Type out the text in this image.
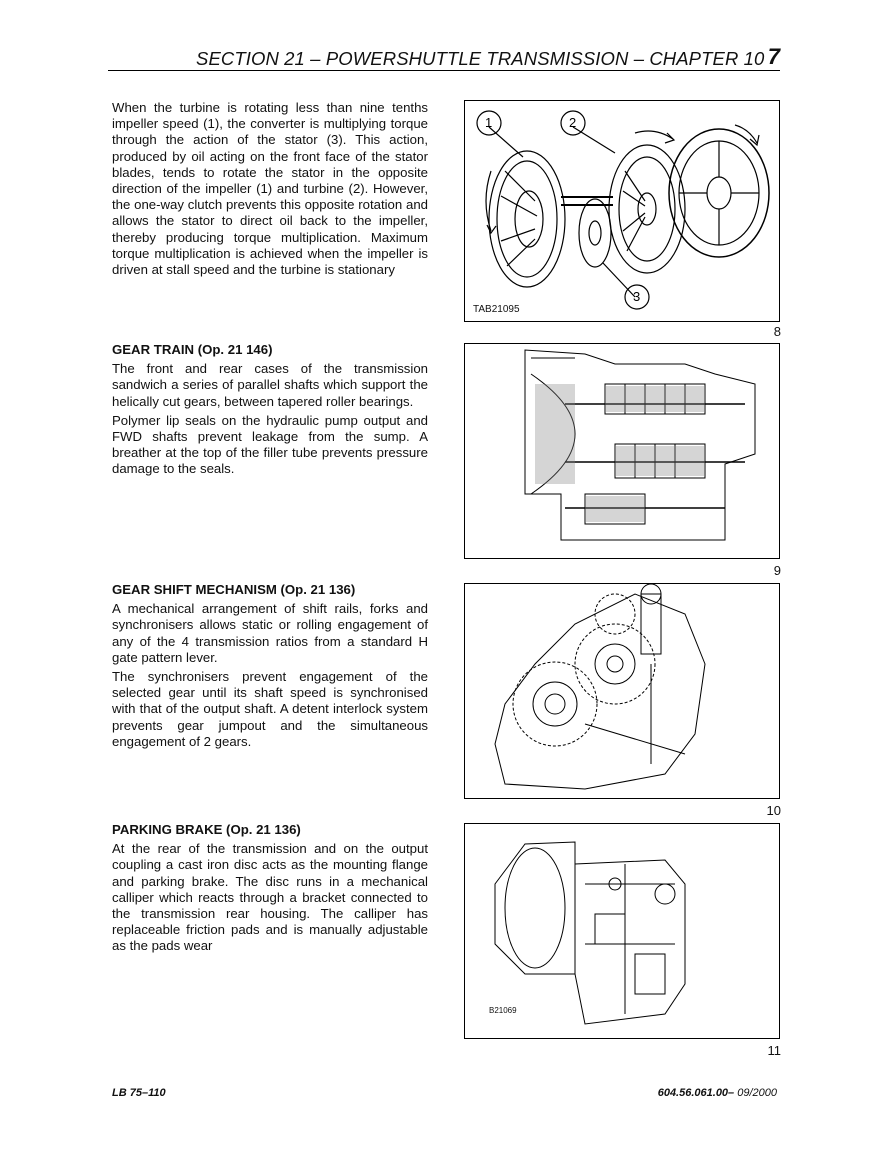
SECTION 21 – POWERSHUTTLE TRANSMISSION – CHAPTER 10 7

When the turbine is rotating less than nine tenths impeller speed (1), the converter is multiplying torque through the action of the stator (3). This action, produced by oil acting on the front face of the stator blades, tends to rotate the stator in the opposite direction of the impeller (1) and turbine (2). However, the one-way clutch prevents this opposite rotation and allows the stator to direct oil back to the impeller, thereby producing torque multiplication. Maximum torque multiplication is achieved when the impeller is driven at stall speed and the turbine is stationary

1	2
3
TAB21095
8

GEAR TRAIN (Op. 21 146)

The front and rear cases of the transmission sandwich a series of parallel shafts which support the helically cut gears, between tapered roller bearings.

Polymer lip seals on the hydraulic pump output and FWD shafts prevent leakage from the sump. A breather at the top of the filler tube prevents pressure damage to the seals.

9

GEAR SHIFT MECHANISM (Op. 21 136)

A mechanical arrangement of shift rails, forks and synchronisers allows static or rolling engagement of any of the 4 transmission ratios from a standard H gate pattern lever.

The synchronisers prevent engagement of the selected gear until its shaft speed is synchronised with that of the output shaft. A detent interlock system prevents gear jumpout and the simultaneous engagement of 2 gears.

10

PARKING BRAKE (Op. 21 136)

At the rear of the transmission and on the output coupling a cast iron disc acts as the mounting flange and parking brake. The disc runs in a mechanical calliper which reacts through a bracket connected to the transmission rear housing. The calliper has replaceable friction pads and is manually adjustable as the pads wear

B21069
11
LB 75–110	604.56.061.00– 09/2000
